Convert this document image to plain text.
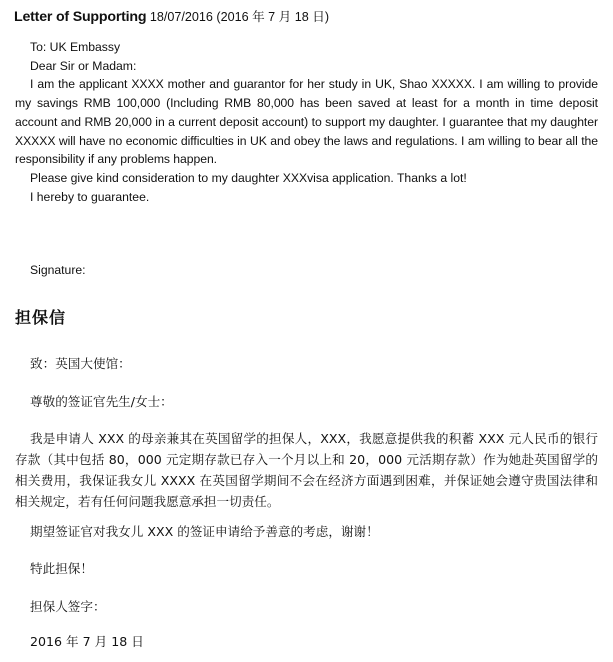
Letter of Supporting 18/07/2016 (2016 年 7 月 18 日)

To: UK Embassy

Dear Sir or Madam:

I am the applicant XXXX mother and guarantor for her study in UK, Shao XXXXX. I am willing to provide my savings RMB 100,000 (Including RMB 80,000 has been saved at least for a month in time deposit account and RMB 20,000 in a current deposit account) to support my daughter. I guarantee that my daughter XXXXX will have no economic difficulties in UK and obey the laws and regulations. I am willing to bear all the responsibility if any problems happen.

Please give kind consideration to my daughter XXXvisa application. Thanks a lot!

I hereby to guarantee.

Signature:

担保信

致：英国大使馆：

尊敬的签证官先生/女士：

我是申请人 XXX 的母亲兼其在英国留学的担保人，XXX，我愿意提供我的积蓄 XXX 元人民币的银行存款（其中包括 80，000 元定期存款已存入一个月以上和 20，000 元活期存款）作为她赴英国留学的相关费用，我保证我女儿 XXXX 在英国留学期间不会在经济方面遇到困难，并保证她会遵守贵国法律和相关规定，若有任何问题我愿意承担一切责任。

期望签证官对我女儿 XXX 的签证申请给予善意的考虑，谢谢！

特此担保！

担保人签字：

2016 年 7 月 18 日
